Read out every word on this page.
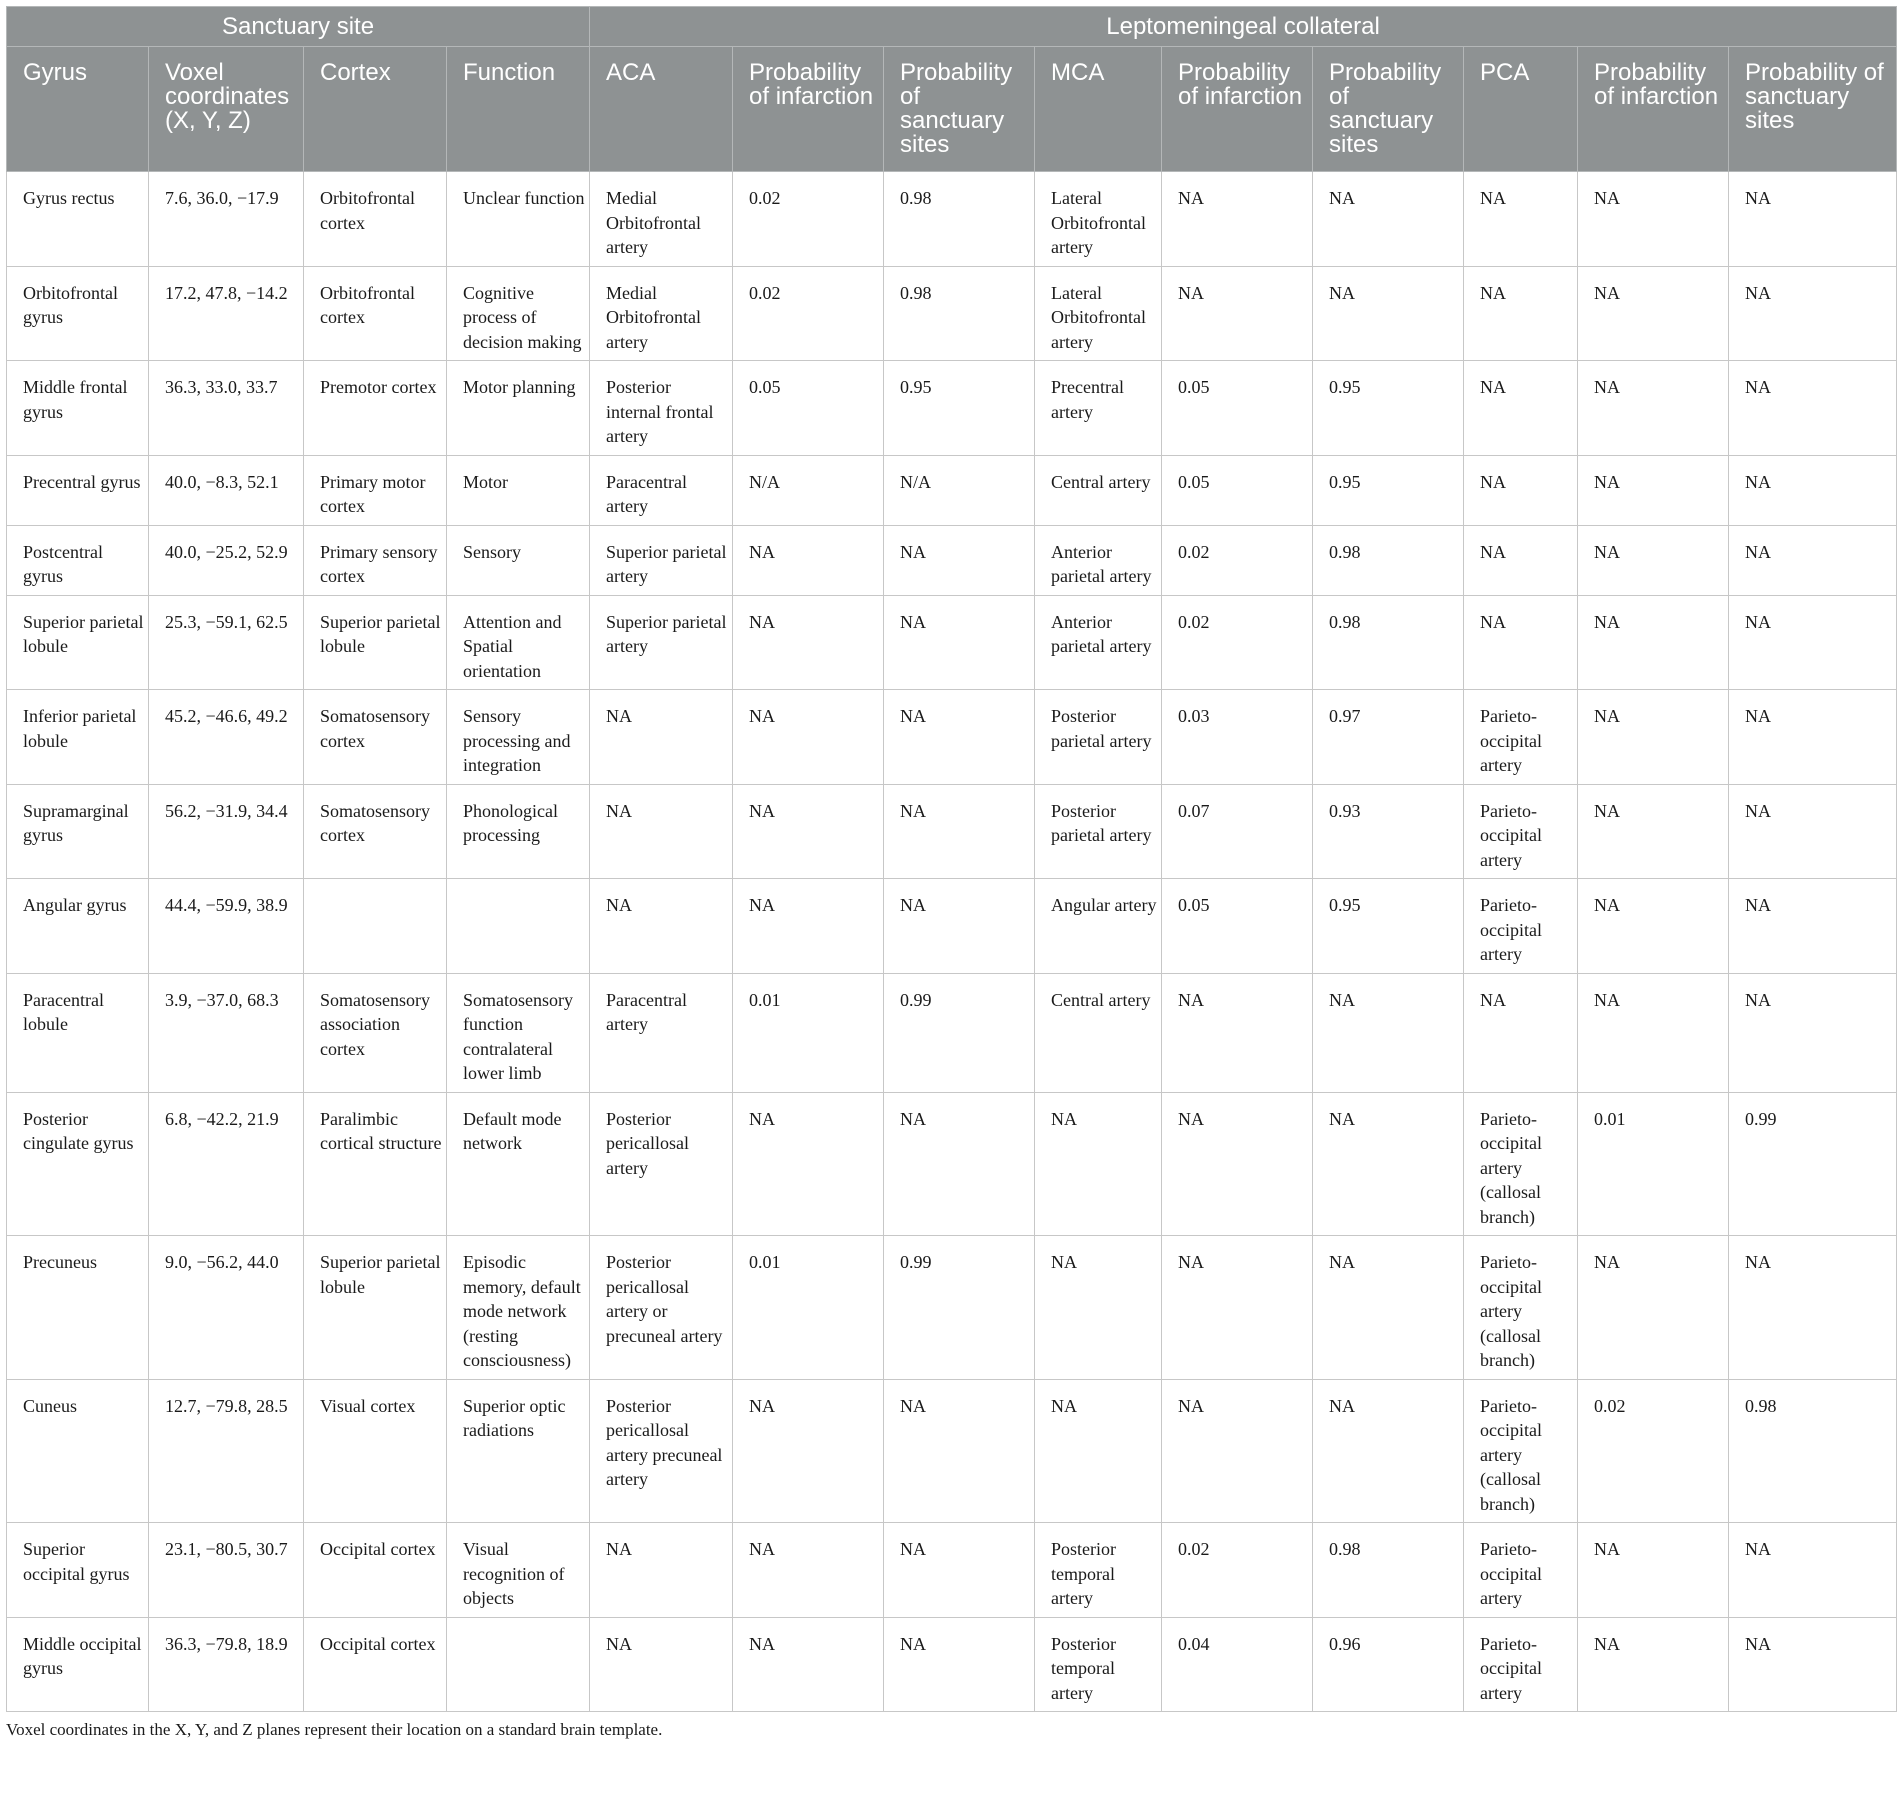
Sanctuary site				Leptomeningeal collateral								
Gyrus	Voxel coordinates (X, Y, Z)	Cortex	Function	ACA	Probability of infarction	Probability of sanctuary sites	MCA	Probability of infarction	Probability of sanctuary sites	PCA	Probability of infarction	Probability of sanctuary sites
Gyrus rectus	7.6, 36.0, −17.9	Orbitofrontal cortex	Unclear function	Medial Orbitofrontal artery	0.02	0.98	Lateral Orbitofrontal artery	NA	NA	NA	NA	NA
Orbitofrontal gyrus	17.2, 47.8, −14.2	Orbitofrontal cortex	Cognitive process of decision making	Medial Orbitofrontal artery	0.02	0.98	Lateral Orbitofrontal artery	NA	NA	NA	NA	NA
Middle frontal gyrus	36.3, 33.0, 33.7	Premotor cortex	Motor planning	Posterior internal frontal artery	0.05	0.95	Precentral artery	0.05	0.95	NA	NA	NA
Precentral gyrus	40.0, −8.3, 52.1	Primary motor cortex	Motor	Paracentral artery	N/A	N/A	Central artery	0.05	0.95	NA	NA	NA
Postcentral gyrus	40.0, −25.2, 52.9	Primary sensory cortex	Sensory	Superior parietal artery	NA	NA	Anterior parietal artery	0.02	0.98	NA	NA	NA
Superior parietal lobule	25.3, −59.1, 62.5	Superior parietal lobule	Attention and Spatial orientation	Superior parietal artery	NA	NA	Anterior parietal artery	0.02	0.98	NA	NA	NA
Inferior parietal lobule	45.2, −46.6, 49.2	Somatosensory cortex	Sensory processing and integration	NA	NA	NA	Posterior parietal artery	0.03	0.97	Parieto-occipital artery	NA	NA
Supramarginal gyrus	56.2, −31.9, 34.4	Somatosensory cortex	Phonological processing	NA	NA	NA	Posterior parietal artery	0.07	0.93	Parieto-occipital artery	NA	NA
Angular gyrus	44.4, −59.9, 38.9			NA	NA	NA	Angular artery	0.05	0.95	Parieto-occipital artery	NA	NA
Paracentral lobule	3.9, −37.0, 68.3	Somatosensory association cortex	Somatosensory function contralateral lower limb	Paracentral artery	0.01	0.99	Central artery	NA	NA	NA	NA	NA
Posterior cingulate gyrus	6.8, −42.2, 21.9	Paralimbic cortical structure	Default mode network	Posterior pericallosal artery	NA	NA	NA	NA	NA	Parieto-occipital artery (callosal branch)	0.01	0.99
Precuneus	9.0, −56.2, 44.0	Superior parietal lobule	Episodic memory, default mode network (resting consciousness)	Posterior pericallosal artery or precuneal artery	0.01	0.99	NA	NA	NA	Parieto-occipital artery (callosal branch)	NA	NA
Cuneus	12.7, −79.8, 28.5	Visual cortex	Superior optic radiations	Posterior pericallosal artery precuneal artery	NA	NA	NA	NA	NA	Parieto-occipital artery (callosal branch)	0.02	0.98
Superior occipital gyrus	23.1, −80.5, 30.7	Occipital cortex	Visual recognition of objects	NA	NA	NA	Posterior temporal artery	0.02	0.98	Parieto-occipital artery	NA	NA
Middle occipital gyrus	36.3, −79.8, 18.9	Occipital cortex		NA	NA	NA	Posterior temporal artery	0.04	0.96	Parieto-occipital artery	NA	NA
Voxel coordinates in the X, Y, and Z planes represent their location on a standard brain template.
